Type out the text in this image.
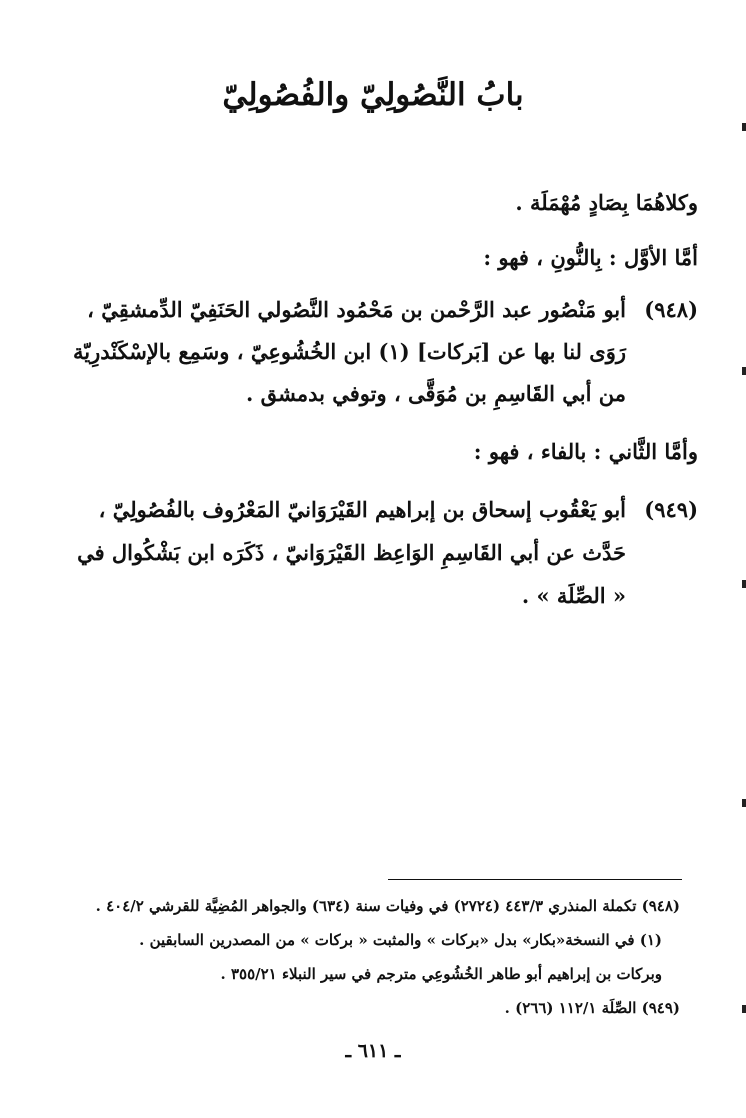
بابُ النَّصُولِيّ والفُصُولِيّ
وكلاهُمَا بِصَادٍ مُهْمَلَة .
أمَّا الأوَّل : بِالنُّونِ ، فهو :
(٩٤٨)
أبو مَنْصُور عبد الرَّحْمن بن مَحْمُود النَّصُولي الحَنَفِيّ الدِّمشقِيّ ،
رَوَى لنا بها عن [بَركات] (١) ابن الخُشُوعِيّ ، وسَمِع بالإسْكَنْدرِيّة
من أبي القَاسِمِ بن مُوَقَّى ، وتوفي بدمشق .
وأمَّا الثَّاني : بالفاء ، فهو :
(٩٤٩)
أبو يَعْقُوب إسحاق بن إبراهيم القَيْرَوَانيّ المَعْرُوف بالفُصُولِيّ ،
حَدَّث عن أبي القَاسِمِ الوَاعِظ القَيْرَوَانيّ ، ذَكَرَه ابن بَشْكُوال في
« الصِّلَة » .
(٩٤٨) تكملة المنذري ٤٤٣/٣ (٢٧٢٤) في وفيات سنة (٦٣٤) والجواهر المُضِيَّة للقرشي ٤٠٤/٢ .
(١) في النسخة«بكار» بدل «بركات » والمثبت « بركات » من المصدرين السابقين .
وبركات بن إبراهيم أبو طاهر الخُشُوعِي مترجم في سير النبلاء ٣٥٥/٢١ .
(٩٤٩) الصِّلَة ١١٢/١ (٢٦٦) .
ـ ٦١١ ـ
